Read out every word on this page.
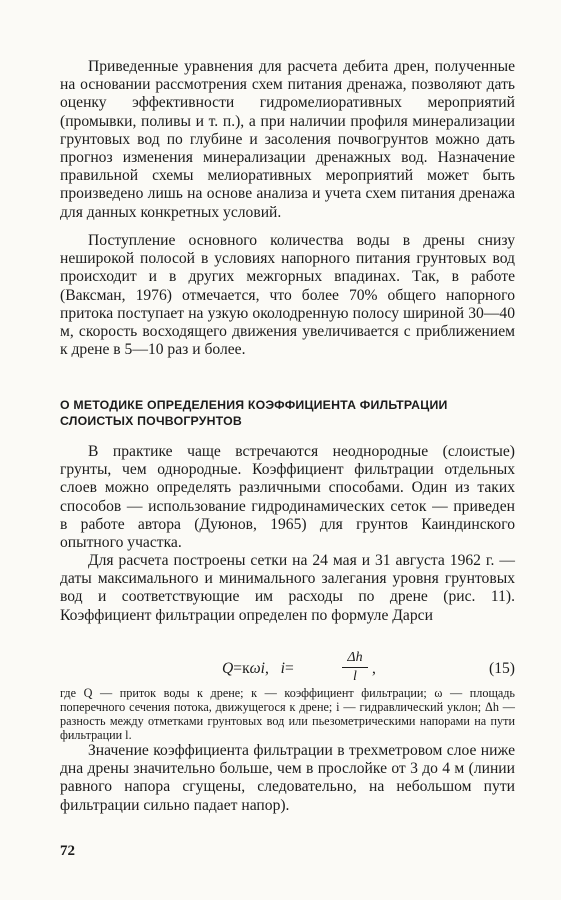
Приведенные уравнения для расчета дебита дрен, полученные на основании рассмотрения схем питания дренажа, позволяют дать оценку эффективности гидромелиоративных мероприятий (промывки, поливы и т. п.), а при наличии профиля минерализации грунтовых вод по глубине и засоления почвогрунтов можно дать прогноз изменения минерализации дренажных вод. Назначение правильной схемы мелиоративных мероприятий может быть произведено лишь на основе анализа и учета схем питания дренажа для данных конкретных условий.

Поступление основного количества воды в дрены снизу неширокой полосой в условиях напорного питания грунтовых вод происходит и в других межгорных впадинах. Так, в работе (Ваксман, 1976) отмечается, что более 70% общего напорного притока поступает на узкую околодренную полосу шириной 30—40 м, скорость восходящего движения увеличивается с приближением к дрене в 5—10 раз и более.

О МЕТОДИКЕ ОПРЕДЕЛЕНИЯ КОЭФФИЦИЕНТА ФИЛЬТРАЦИИ СЛОИСТЫХ ПОЧВОГРУНТОВ

В практике чаще встречаются неоднородные (слоистые) грунты, чем однородные. Коэффициент фильтрации отдельных слоев можно определять различными способами. Один из таких способов — использование гидродинамических сеток — приведен в работе автора (Дуюнов, 1965) для грунтов Каиндинского опытного участка.

Для расчета построены сетки на 24 мая и 31 августа 1962 г. — даты максимального и минимального залегания уровня грунтовых вод и соответствующие им расходы по дрене (рис. 11). Коэффициент фильтрации определен по формуле Дарси

Q=кωi, i=
Δh
l ,	(15)

где Q — приток воды к дрене; к — коэффициент фильтрации; ω — площадь поперечного сечения потока, движущегося к дрене; i — гидравлический уклон; Δh — разность между отметками грунтовых вод или пьезометрическими напорами на пути фильтрации l.

Значение коэффициента фильтрации в трехметровом слое ниже дна дрены значительно больше, чем в прослойке от 3 до 4 м (линии равного напора сгущены, следовательно, на небольшом пути фильтрации сильно падает напор).

72
